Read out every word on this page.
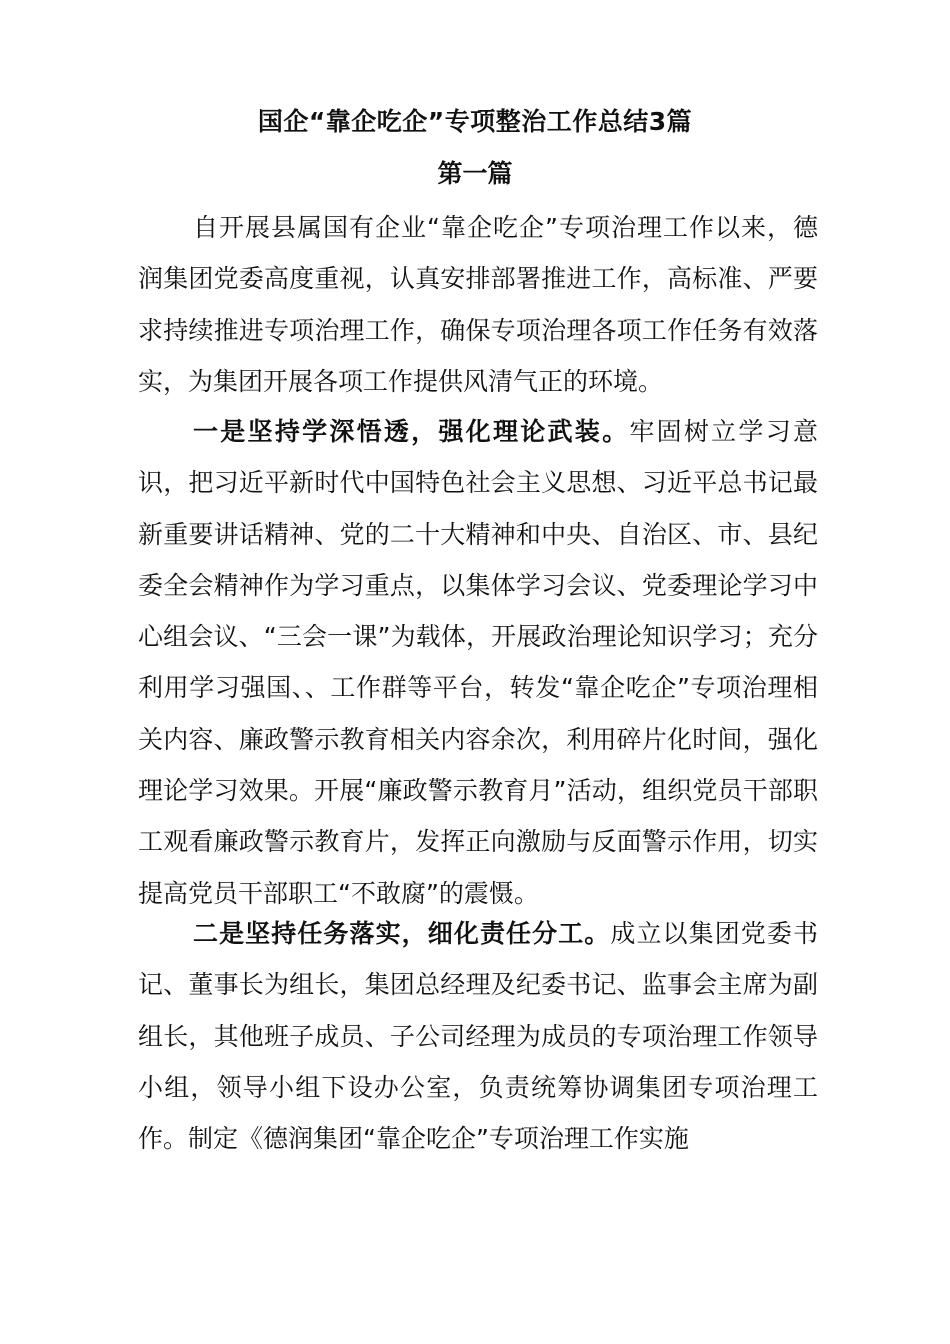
国企“靠企吃企”专项整治工作总结3篇
第一篇

自开展县属国有企业“靠企吃企”专项治理工作以来，德润集团党委高度重视，认真安排部署推进工作，高标准、严要求持续推进专项治理工作，确保专项治理各项工作任务有效落实，为集团开展各项工作提供风清气正的环境。

一是坚持学深悟透，强化理论武装。牢固树立学习意识，把习近平新时代中国特色社会主义思想、习近平总书记最新重要讲话精神、党的二十大精神和中央、自治区、市、县纪委全会精神作为学习重点，以集体学习会议、党委理论学习中心组会议、“三会一课”为载体，开展政治理论知识学习；充分利用学习强国、、工作群等平台，转发“靠企吃企”专项治理相关内容、廉政警示教育相关内容余次，利用碎片化时间，强化理论学习效果。开展“廉政警示教育月”活动，组织党员干部职工观看廉政警示教育片，发挥正向激励与反面警示作用，切实提高党员干部职工“不敢腐”的震慑。

二是坚持任务落实，细化责任分工。成立以集团党委书记、董事长为组长，集团总经理及纪委书记、监事会主席为副组长，其他班子成员、子公司经理为成员的专项治理工作领导小组，领导小组下设办公室，负责统筹协调集团专项治理工作。制定《德润集团“靠企吃企”专项治理工作实施
